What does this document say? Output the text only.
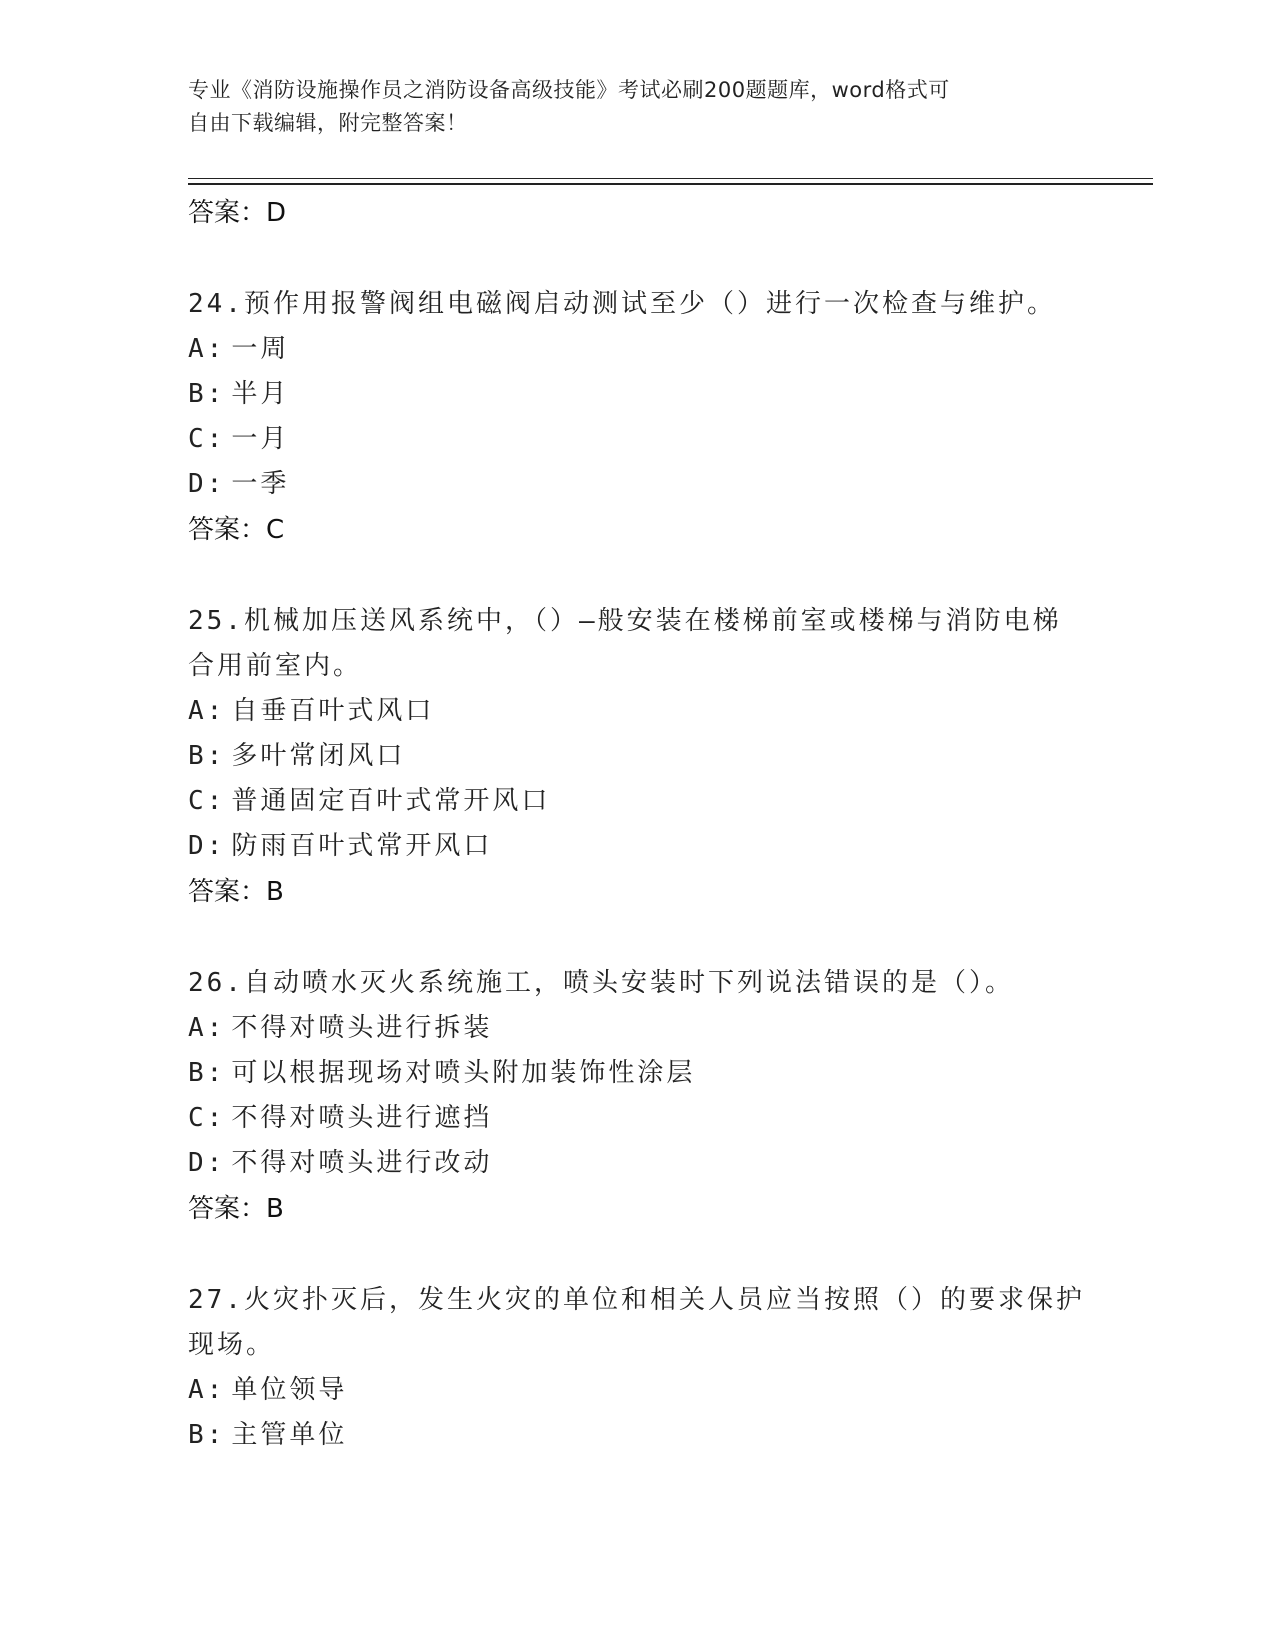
专业《消防设施操作员之消防设备高级技能》考试必刷200题题库，word格式可
自由下载编辑，附完整答案！
答案：D
24.预作用报警阀组电磁阀启动测试至少（）进行一次检查与维护。
A: 一周
B: 半月
C: 一月
D: 一季
答案：C
25.机械加压送风系统中，（）—般安装在楼梯前室或楼梯与消防电梯合用前室内。
A: 自垂百叶式风口
B: 多叶常闭风口
C: 普通固定百叶式常开风口
D: 防雨百叶式常开风口
答案：B
26.自动喷水灭火系统施工，喷头安装时下列说法错误的是（）。
A: 不得对喷头进行拆装
B: 可以根据现场对喷头附加装饰性涂层
C: 不得对喷头进行遮挡
D: 不得对喷头进行改动
答案：B
27.火灾扑灭后，发生火灾的单位和相关人员应当按照（）的要求保护现场。
A: 单位领导
B: 主管单位
